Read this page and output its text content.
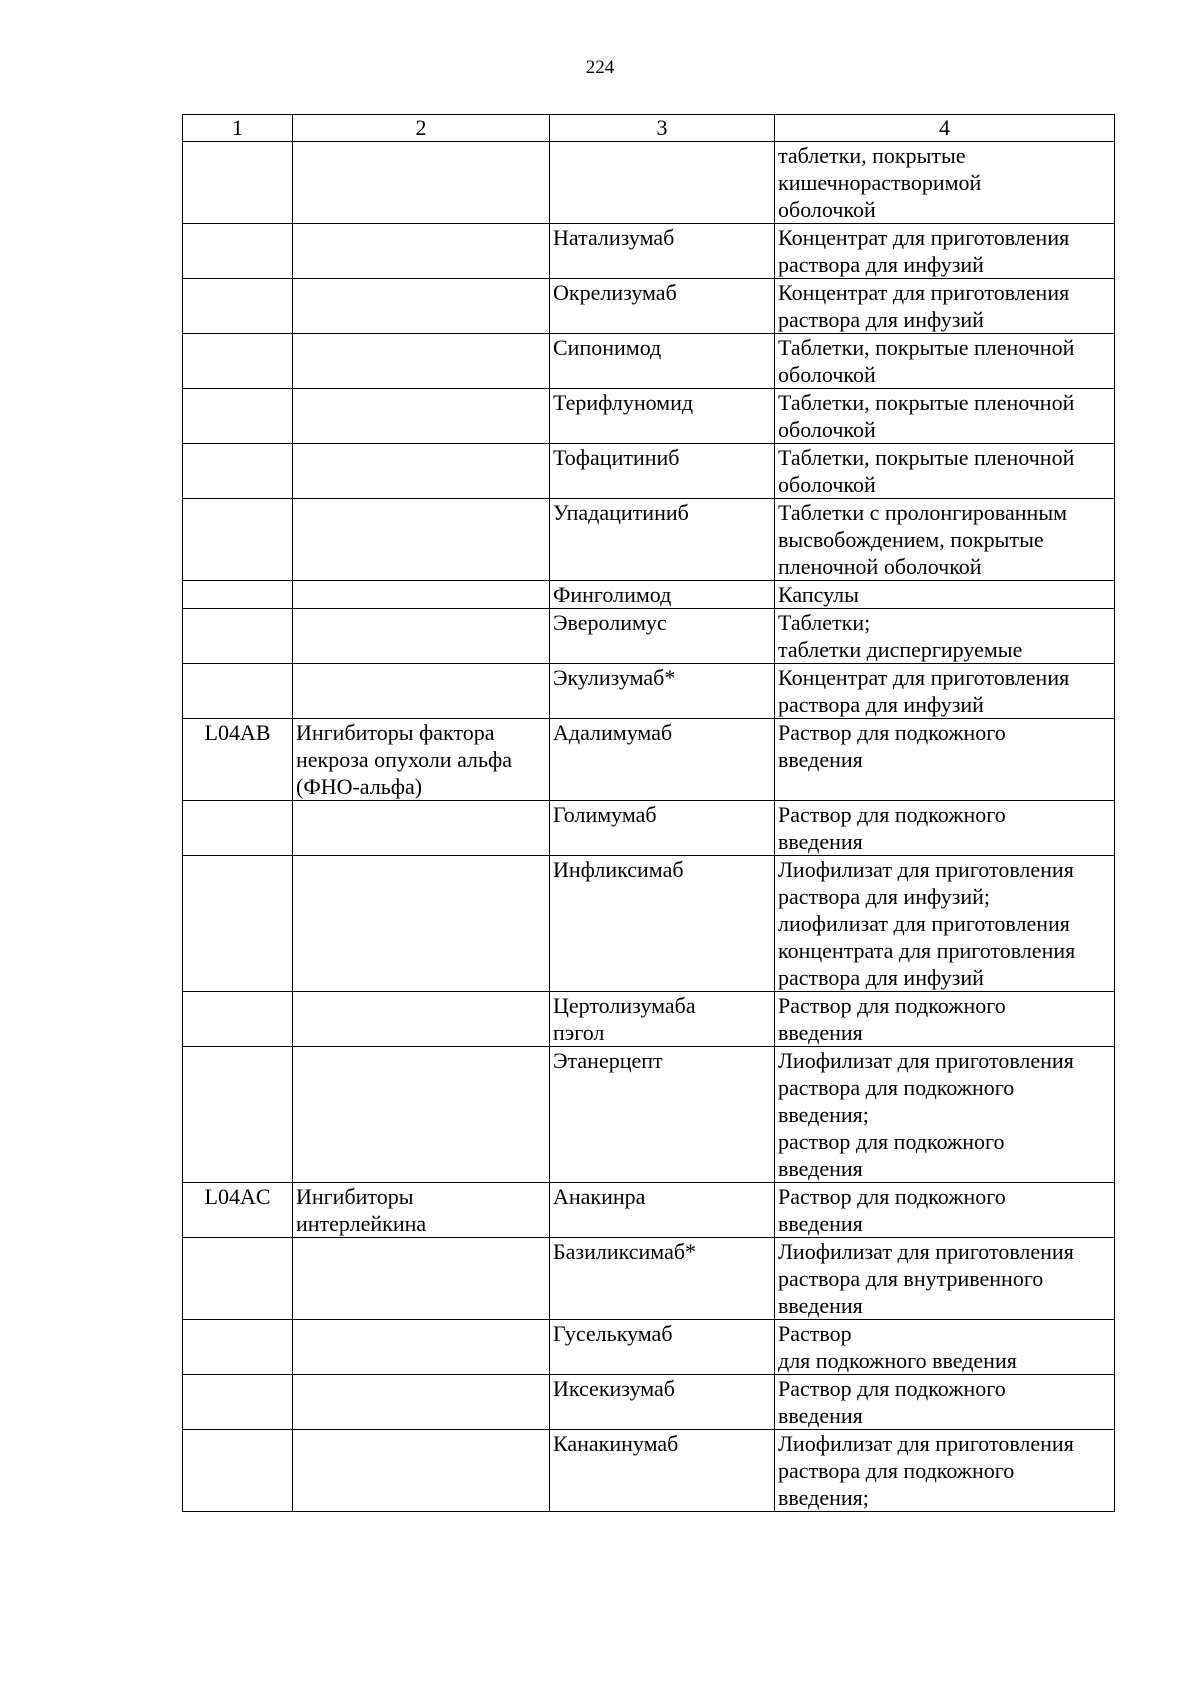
224
1	2	3	4

			таблетки, покрытые
кишечнорастворимой
оболочкой

		Натализумаб	Концентрат для приготовления
раствора для инфузий

		Окрелизумаб	Концентрат для приготовления
раствора для инфузий

		Сипонимод	Таблетки, покрытые пленочной
оболочкой

		Терифлуномид	Таблетки, покрытые пленочной
оболочкой

		Тофацитиниб	Таблетки, покрытые пленочной
оболочкой

		Упадацитиниб	Таблетки с пролонгированным
высвобождением, покрытые
пленочной оболочкой

		Финголимод	Капсулы

		Эверолимус	Таблетки;
таблетки диспергируемые

		Экулизумаб*	Концентрат для приготовления
раствора для инфузий

L04AB	Ингибиторы фактора
некроза опухоли альфа
(ФНО-альфа)	Адалимумаб	Раствор для подкожного
введения

		Голимумаб	Раствор для подкожного
введения

		Инфликсимаб	Лиофилизат для приготовления
раствора для инфузий;
лиофилизат для приготовления
концентрата для приготовления
раствора для инфузий

		Цертолизумаба
пэгол	Раствор для подкожного
введения

		Этанерцепт	Лиофилизат для приготовления
раствора для подкожного
введения;
раствор для подкожного
введения

L04AC	Ингибиторы
интерлейкина	Анакинра	Раствор для подкожного
введения

		Базиликсимаб*	Лиофилизат для приготовления
раствора для внутривенного
введения

		Гуселькумаб	Раствор
для подкожного введения

		Иксекизумаб	Раствор для подкожного
введения

		Канакинумаб	Лиофилизат для приготовления
раствора для подкожного
введения;
